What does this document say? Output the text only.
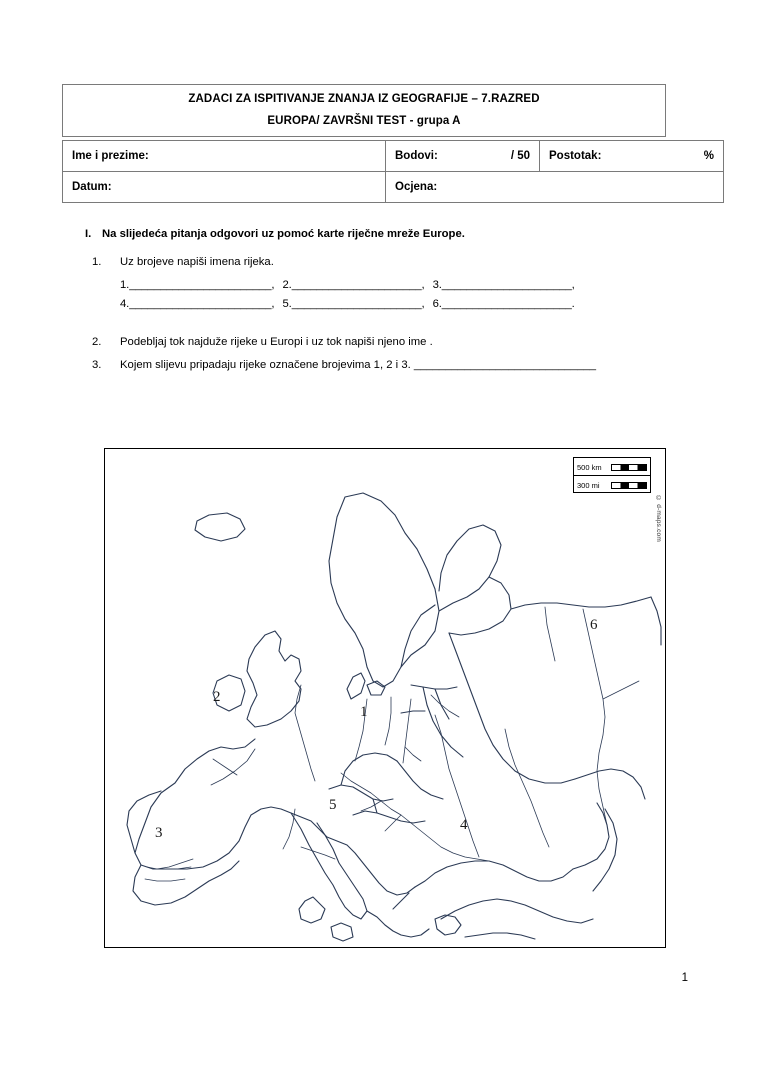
ZADACI ZA ISPITIVANJE ZNANJA IZ GEOGRAFIJE – 7.RAZRED
EUROPA/ ZAVRŠNI TEST - grupa A
Ime i prezime:	Bodovi: / 50	Postotak: %

Datum:	Ocjena:	
I. Na slijedeća pitanja odgovori uz pomoć karte riječne mreže Europe.
1.	Uz brojeve napiši imena rijeka.
1._______________________, 2._____________________, 3._____________________,
4._______________________, 5._____________________, 6._____________________.
2.	Podebljaj tok najduže rijeke u Europi i uz tok napiši njeno ime .
3.	Kojem slijevu pripadaju rijeke označene brojevima 1, 2 i 3. _____________________________
500 km
300 mi
© d-maps.com
1
2
3	4
5
6
1
